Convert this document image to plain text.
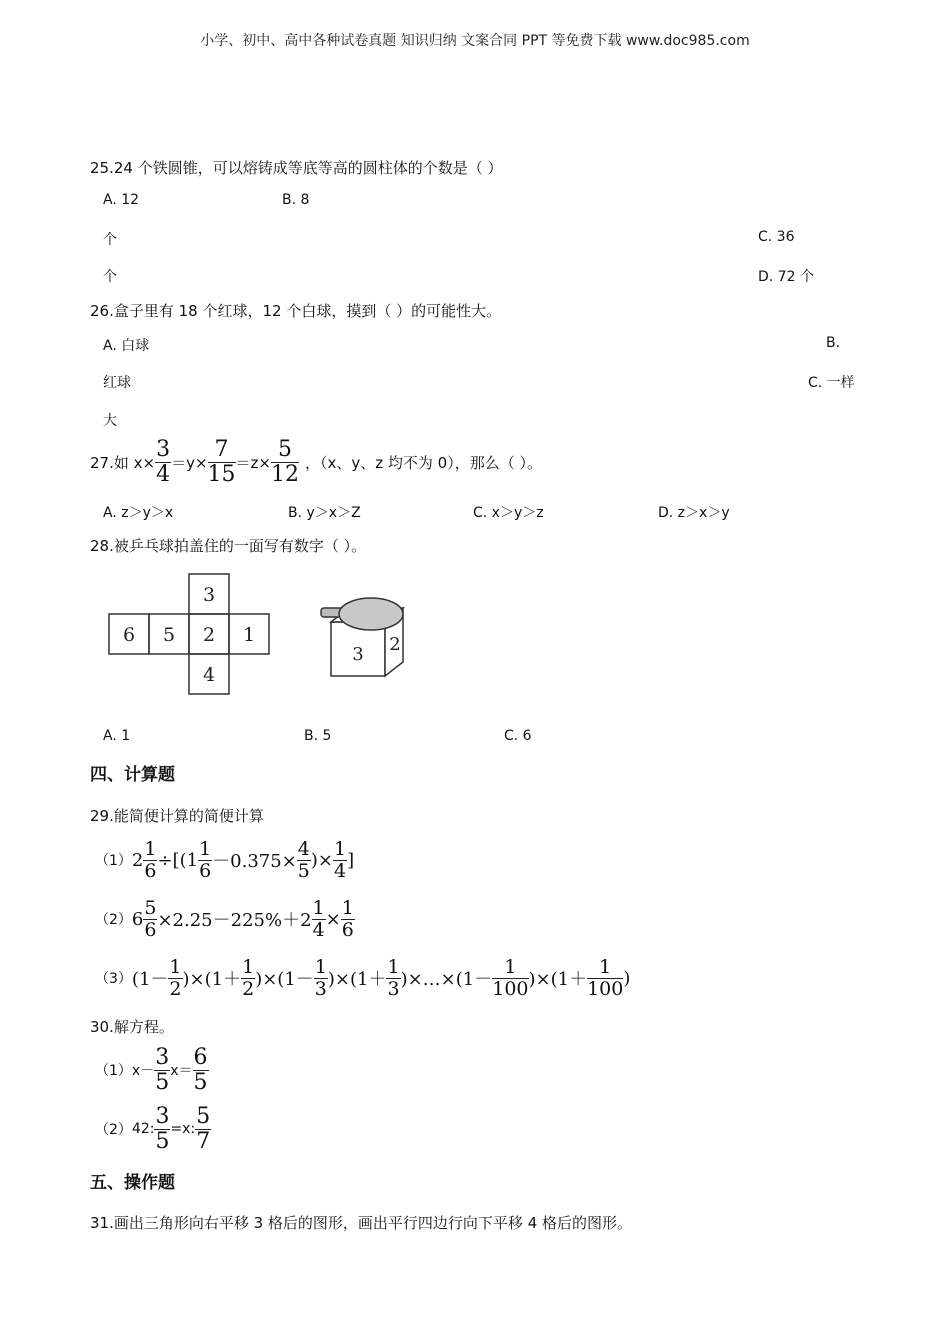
小学、初中、高中各种试卷真题 知识归纳 文案合同 PPT 等免费下载 www.doc985.com
25.24 个铁圆锥，可以熔铸成等底等高的圆柱体的个数是（ ）
A. 12	B. 8
个	C. 36
个	D. 72 个
26.盒子里有 18 个红球，12 个白球，摸到（ ）的可能性大。
A. 白球	B.
红球	C. 一样
大
27.如 $x\times \frac{3}{4} =y\times \frac{7}{15} =z\times \frac{5}{12}$ ，（x、y、z 均不为 0），那么（ ）。
A. z＞y＞x	B. y＞x＞Z	C. x＞y＞z	D. z＞x＞y
28.被乒乓球拍盖住的一面写有数字（ ）。
3
6 5 2 1
4
3 2
A. 1	B. 5	C. 6
四、计算题
29.能简便计算的简便计算
（1） $2 \frac{1}{6} \div[(1 \frac{1}{6} -0.375\times \frac{4}{5}$ )× $\frac{1}{4}$ ]
（2） $6 \frac{5}{6} \times 2.25-225\%+2 \frac{1}{4} \times \frac{1}{6}$
（3） $(1- \frac{1}{2} )\times(1+ \frac{1}{2} )\times(1- \frac{1}{3} )\times(1+ \frac{1}{3}$ )×…×(1－ $\frac{1}{100} )\times(1+ \frac{1}{100}$ )
30.解方程。
（1） $x- \frac{3}{5} x= \frac{6}{5}$
（2） 42: $\frac{3}{5} =x$: $\frac{5}{7}$
五、操作题
31.画出三角形向右平移 3 格后的图形，画出平行四边行向下平移 4 格后的图形。
